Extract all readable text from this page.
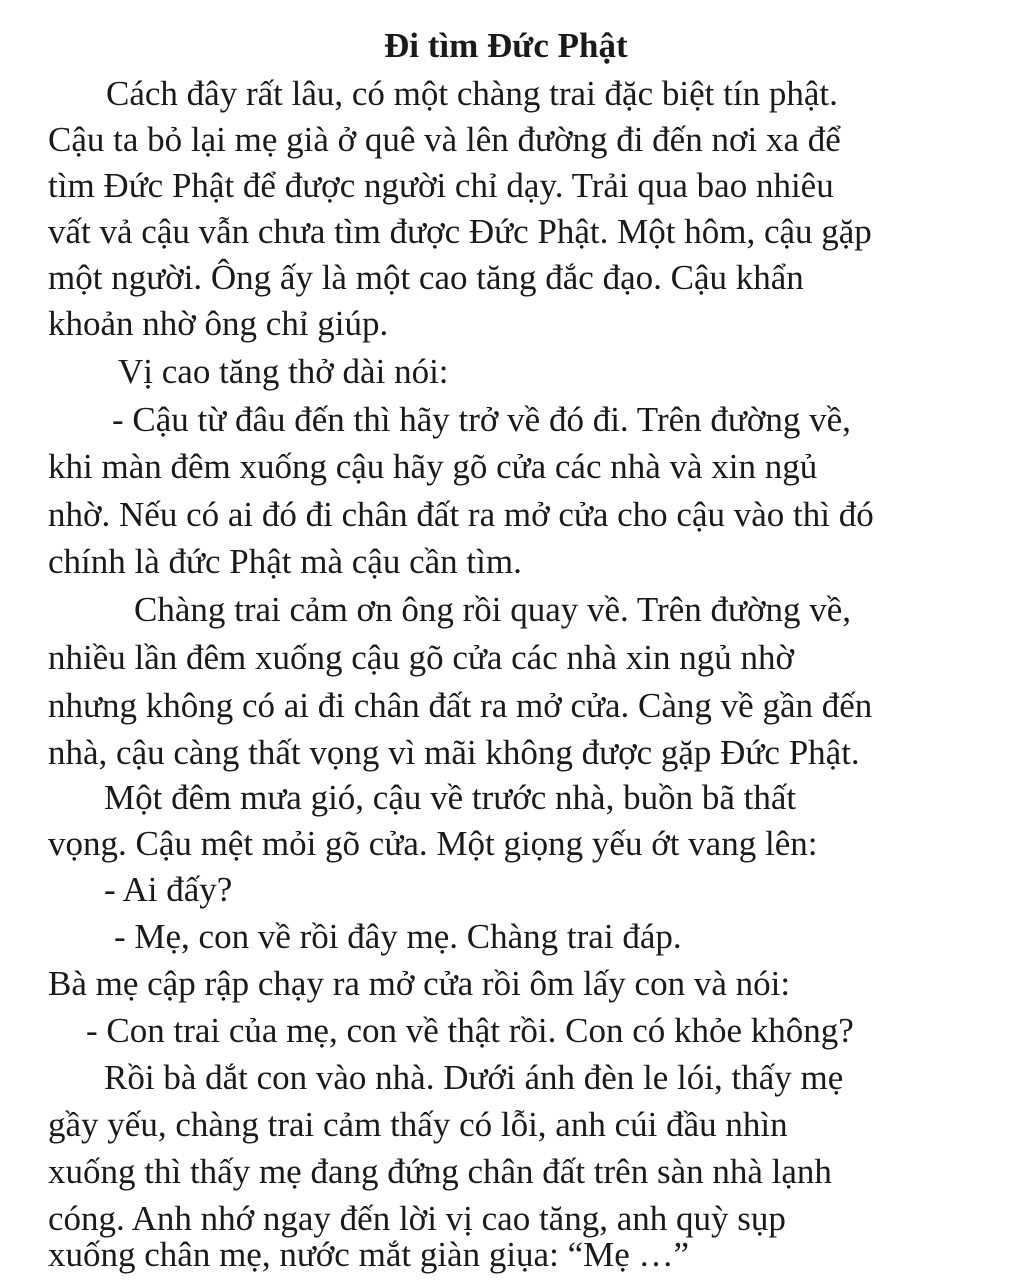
Đi tìm Đức Phật
Cách đây rất lâu, có một chàng trai đặc biệt tín phật.
Cậu ta bỏ lại mẹ già ở quê và lên đường đi đến nơi xa để
tìm Đức Phật để được người chỉ dạy. Trải qua bao nhiêu
vất vả cậu vẫn chưa tìm được Đức Phật. Một hôm, cậu gặp
một người. Ông ấy là một cao tăng đắc đạo. Cậu khẩn
khoản nhờ ông chỉ giúp.
Vị cao tăng thở dài nói:
- Cậu từ đâu đến thì hãy trở về đó đi. Trên đường về,
khi màn đêm xuống cậu hãy gõ cửa các nhà và xin ngủ
nhờ. Nếu có ai đó đi chân đất ra mở cửa cho cậu vào thì đó
chính là đức Phật mà cậu cần tìm.
Chàng trai cảm ơn ông rồi quay về. Trên đường về,
nhiều lần đêm xuống cậu gõ cửa các nhà xin ngủ nhờ
nhưng không có ai đi chân đất ra mở cửa. Càng về gần đến
nhà, cậu càng thất vọng vì mãi không được gặp Đức Phật.
Một đêm mưa gió, cậu về trước nhà, buồn bã thất
vọng. Cậu mệt mỏi gõ cửa. Một giọng yếu ớt vang lên:
- Ai đấy?
- Mẹ, con về rồi đây mẹ. Chàng trai đáp.
Bà mẹ cập rập chạy ra mở cửa rồi ôm lấy con và nói:
- Con trai của mẹ, con về thật rồi. Con có khỏe không?
Rồi bà dắt con vào nhà. Dưới ánh đèn le lói, thấy mẹ
gầy yếu, chàng trai cảm thấy có lỗi, anh cúi đầu nhìn
xuống thì thấy mẹ đang đứng chân đất trên sàn nhà lạnh
cóng. Anh nhớ ngay đến lời vị cao tăng, anh quỳ sụp
xuống chân mẹ, nước mắt giàn giụa: “Mẹ …”
